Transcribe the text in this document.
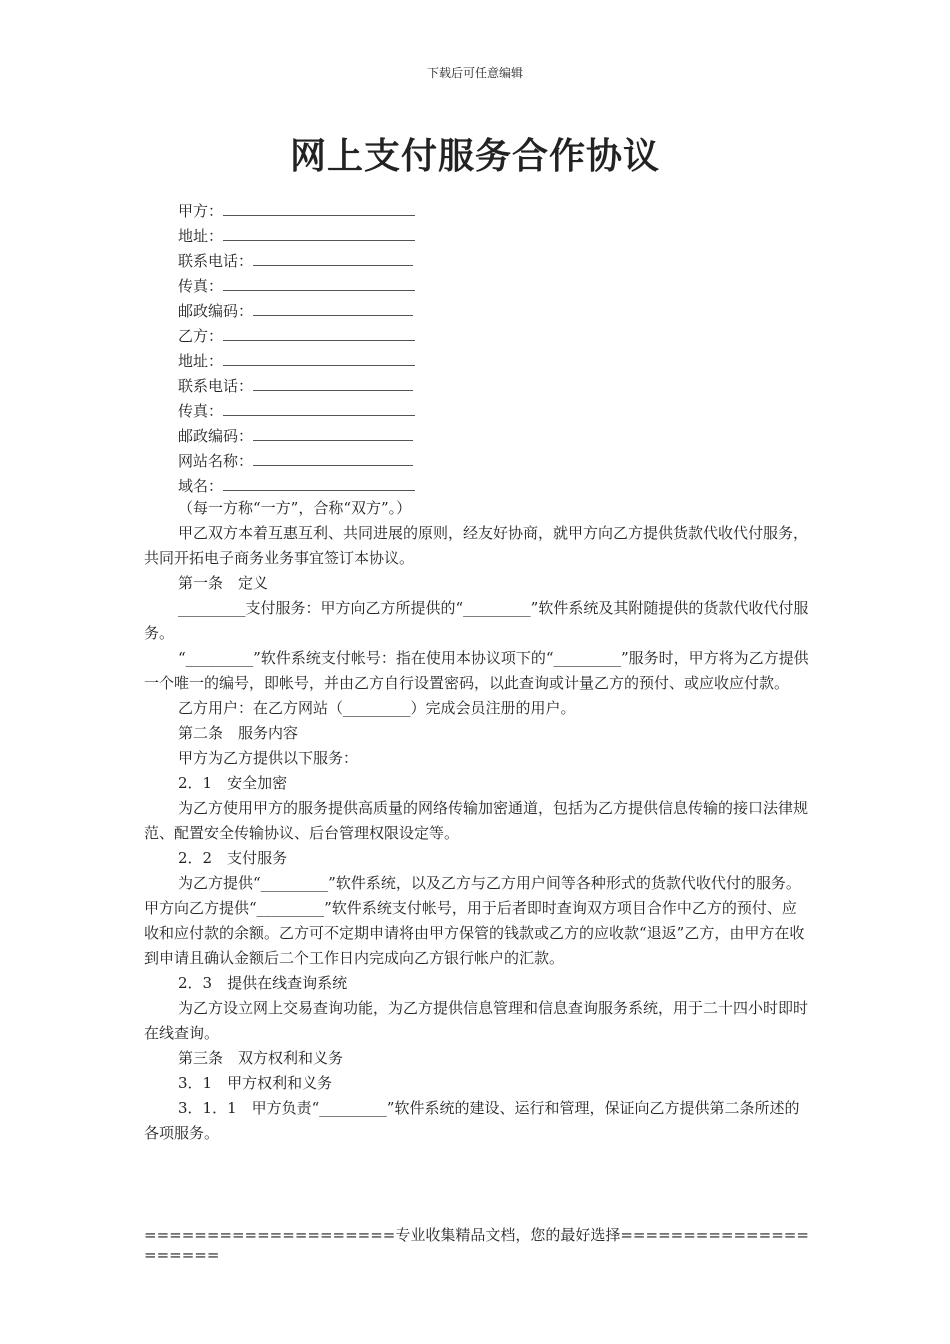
下载后可任意编辑
网上支付服务合作协议
甲方：
地址：
联系电话：
传真：
邮政编码：
乙方：
地址：
联系电话：
传真：
邮政编码：
网站名称：
域名：

（每一方称“一方”，合称“双方”。）

甲乙双方本着互惠互利、共同进展的原则，经友好协商，就甲方向乙方提供货款代收代付服务，共同开拓电子商务业务事宜签订本协议。

第一条　定义

_________支付服务：甲方向乙方所提供的“_________”软件系统及其附随提供的货款代收代付服务。

“_________”软件系统支付帐号：指在使用本协议项下的“_________”服务时，甲方将为乙方提供一个唯一的编号，即帐号，并由乙方自行设置密码，以此查询或计量乙方的预付、或应收应付款。

乙方用户：在乙方网站（_________）完成会员注册的用户。

第二条　服务内容

甲方为乙方提供以下服务：

2．1　安全加密

为乙方使用甲方的服务提供高质量的网络传输加密通道，包括为乙方提供信息传输的接口法律规范、配置安全传输协议、后台管理权限设定等。

2．2　支付服务

为乙方提供“_________”软件系统，以及乙方与乙方用户间等各种形式的货款代收代付的服务。甲方向乙方提供“_________”软件系统支付帐号，用于后者即时查询双方项目合作中乙方的预付、应收和应付款的余额。乙方可不定期申请将由甲方保管的钱款或乙方的应收款“退返”乙方，由甲方在收到申请且确认金额后二个工作日内完成向乙方银行帐户的汇款。

2．3　提供在线查询系统

为乙方设立网上交易查询功能，为乙方提供信息管理和信息查询服务系统，用于二十四小时即时在线查询。

第三条　双方权利和义务

3．1　甲方权利和义务

3．1．1　甲方负责“_________”软件系统的建设、运行和管理，保证向乙方提供第二条所述的各项服务。

====================专业收集精品文档，您的最好选择=====================
